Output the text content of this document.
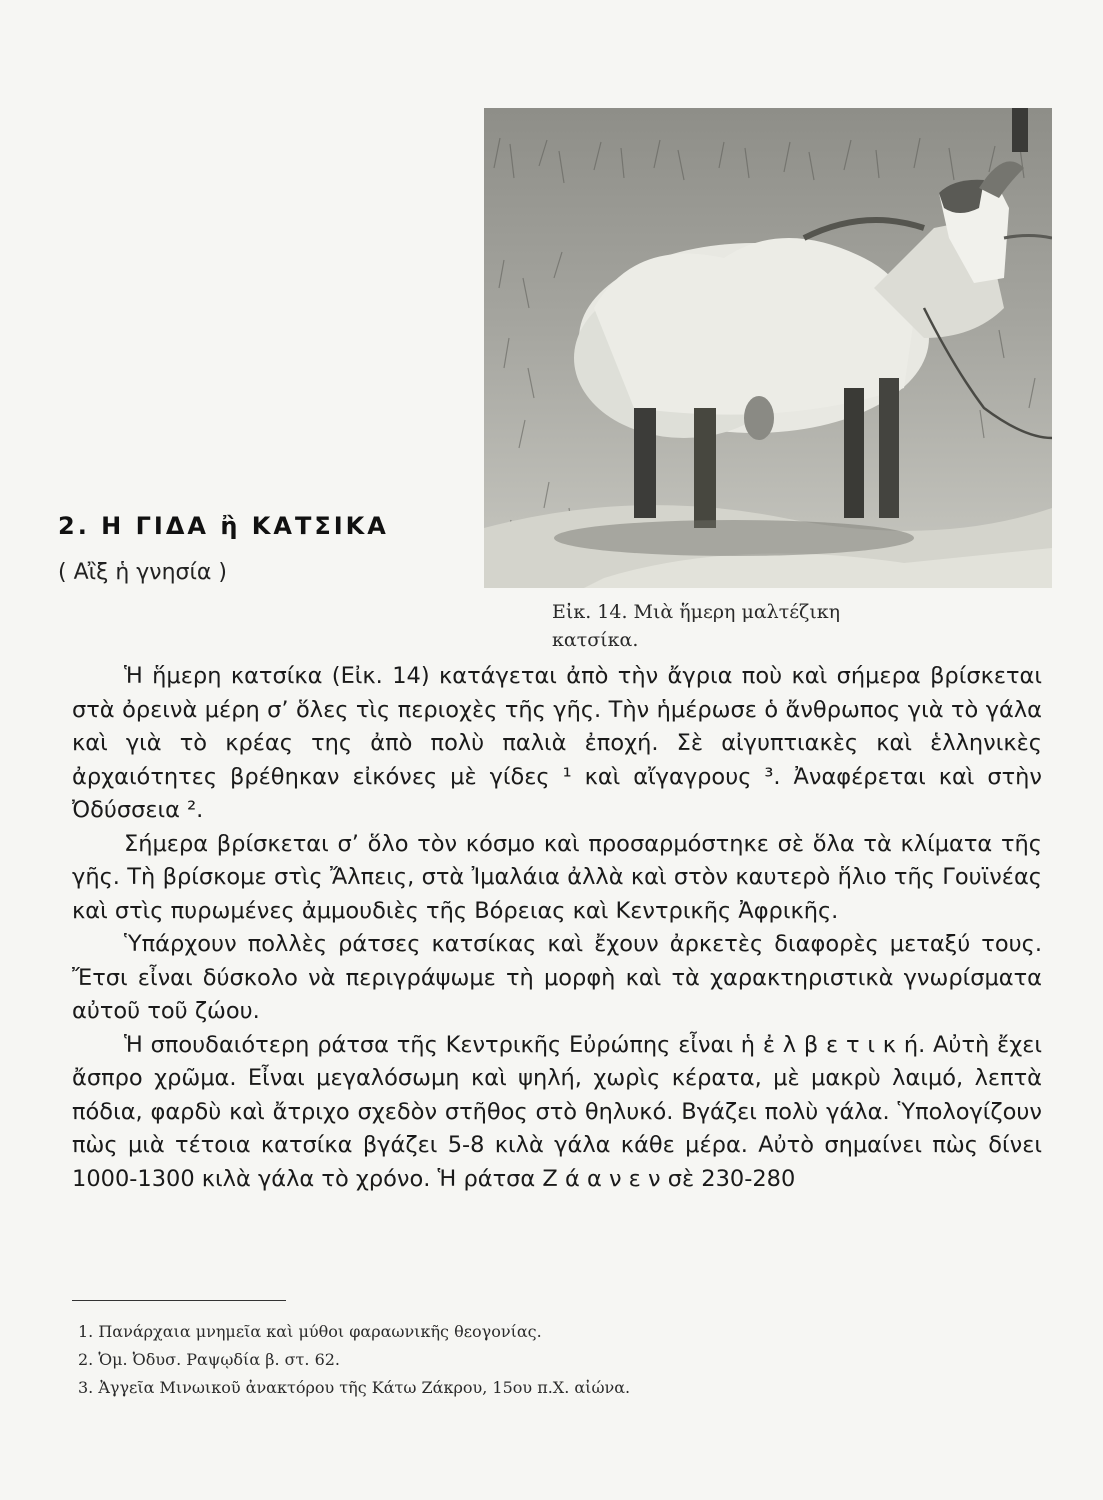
Εἰκ. 14. Μιὰ ἥμερη μαλτέζικη
κατσίκα.
2. Η ΓΙΔΑ ἢ ΚΑΤΣΙΚΑ
( Αἲξ ἡ γνησία )

Ἡ ἥμερη κατσίκα (Εἰκ. 14) κατάγεται ἀπὸ τὴν ἄγρια ποὺ καὶ σήμερα βρίσκεται στὰ ὀρεινὰ μέρη σ’ ὅλες τὶς περιοχὲς τῆς γῆς. Τὴν ἡμέρωσε ὁ ἄνθρωπος γιὰ τὸ γάλα καὶ γιὰ τὸ κρέας της ἀπὸ πολὺ παλιὰ ἐποχή. Σὲ αἰγυπτιακὲς καὶ ἑλληνικὲς ἀρχαιότητες βρέθηκαν εἰκόνες μὲ γίδες ¹ καὶ αἴγαγρους ³. Ἀναφέρεται καὶ στὴν Ὀδύσσεια ².

Σήμερα βρίσκεται σ’ ὅλο τὸν κόσμο καὶ προσαρμόστηκε σὲ ὅλα τὰ κλίματα τῆς γῆς. Τὴ βρίσκομε στὶς Ἄλπεις, στὰ Ἰμαλάια ἀλλὰ καὶ στὸν καυτερὸ ἥλιο τῆς Γουϊνέας καὶ στὶς πυρωμένες ἀμμουδιὲς τῆς Βόρειας καὶ Κεντρικῆς Ἀφρικῆς.

Ὑπάρχουν πολλὲς ράτσες κατσίκας καὶ ἔχουν ἀρκετὲς διαφορὲς μεταξύ τους. Ἔτσι εἶναι δύσκολο νὰ περιγράψωμε τὴ μορφὴ καὶ τὰ χαρακτηριστικὰ γνωρίσματα αὐτοῦ τοῦ ζώου.

Ἡ σπουδαιότερη ράτσα τῆς Κεντρικῆς Εὐρώπης εἶναι ἡ ἐ λ β ε τ ι κ ή. Αὐτὴ ἔχει ἄσπρο χρῶμα. Εἶναι μεγαλόσωμη καὶ ψηλή, χωρὶς κέρατα, μὲ μακρὺ λαιμό, λεπτὰ πόδια, φαρδὺ καὶ ἄτριχο σχεδὸν στῆθος στὸ θηλυκό. Βγάζει πολὺ γάλα. Ὑπολογίζουν πὼς μιὰ τέτοια κατσίκα βγάζει 5-8 κιλὰ γάλα κάθε μέρα. Αὐτὸ σημαίνει πὼς δίνει 1000-1300 κιλὰ γάλα τὸ χρόνο. Ἡ ράτσα Ζ ά α ν ε ν σὲ 230-280

1. Πανάρχαια μνημεῖα καὶ μύθοι φαραωνικῆς θεογονίας.
2. Ὁμ. Ὀδυσ. Ραψῳδία β. στ. 62.
3. Ἀγγεῖα Μινωικοῦ ἀνακτόρου τῆς Κάτω Ζάκρου, 15ου π.Χ. αἰώνα.
